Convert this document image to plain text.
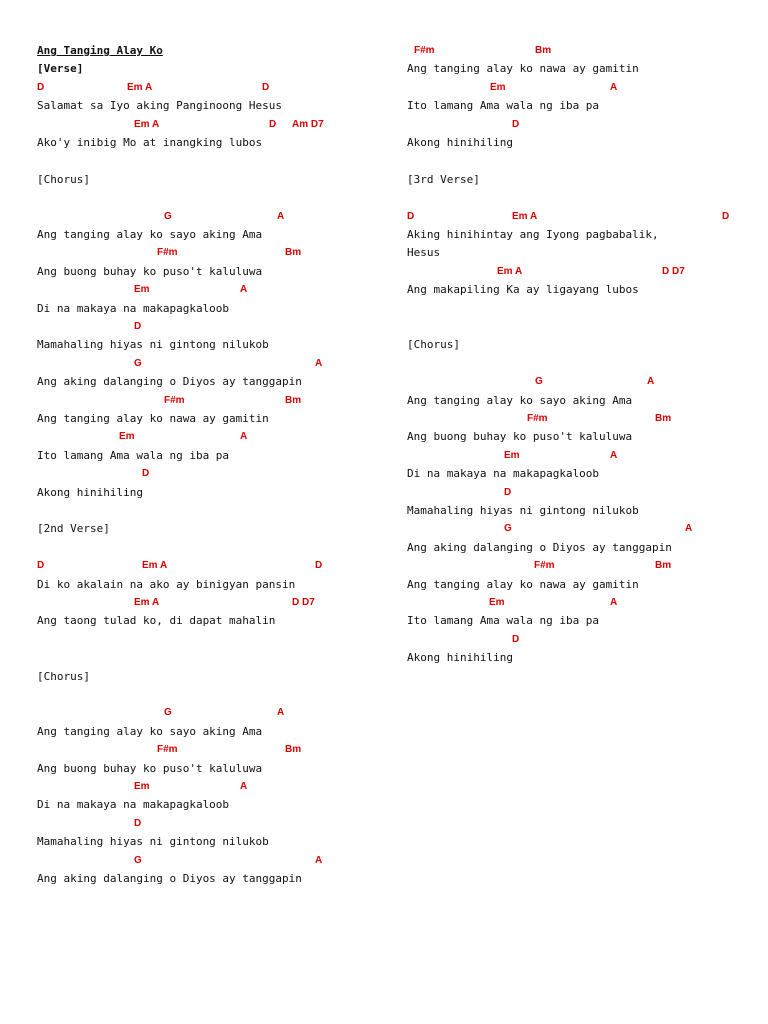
Ang Tanging Alay Ko
[Verse]
D	Em A	D
Salamat sa Iyo aking Panginoong Hesus
Em A	D Am D7
Ako'y inibig Mo at inangking lubos
[Chorus]
G	A
Ang tanging alay ko sayo aking Ama
F#m	Bm
Ang buong buhay ko puso't kaluluwa
Em	A
Di na makaya na makapagkaloob
D
Mamahaling hiyas ni gintong nilukob
G	A
Ang aking dalanging o Diyos ay tanggapin
F#m	Bm
Ang tanging alay ko nawa ay gamitin
Em	A
Ito lamang Ama wala ng iba pa
D
Akong hinihiling
[2nd Verse]
D	Em A	D
Di ko akalain na ako ay binigyan pansin
Em A	D D7
Ang taong tulad ko, di dapat mahalin
[Chorus]
G	A
Ang tanging alay ko sayo aking Ama
F#m	Bm
Ang buong buhay ko puso't kaluluwa
Em	A
Di na makaya na makapagkaloob
D
Mamahaling hiyas ni gintong nilukob
G	A
Ang aking dalanging o Diyos ay tanggapin
F#m	Bm
Ang tanging alay ko nawa ay gamitin
Em	A
Ito lamang Ama wala ng iba pa
D
Akong hinihiling
[3rd Verse]
D	Em A	D
Aking hinihintay ang Iyong pagbabalik,
Hesus
Em A	D D7
Ang makapiling Ka ay ligayang lubos
[Chorus]
G	A
Ang tanging alay ko sayo aking Ama
F#m	Bm
Ang buong buhay ko puso't kaluluwa
Em	A
Di na makaya na makapagkaloob
D
Mamahaling hiyas ni gintong nilukob
G	A
Ang aking dalanging o Diyos ay tanggapin
F#m	Bm
Ang tanging alay ko nawa ay gamitin
Em	A
Ito lamang Ama wala ng iba pa
D
Akong hinihiling
